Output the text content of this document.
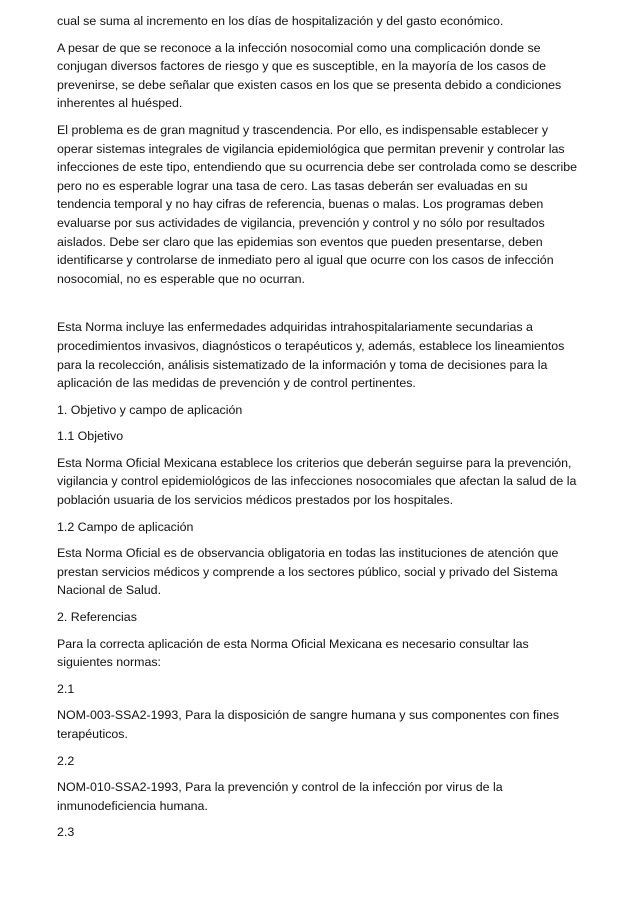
cual se suma al incremento en los días de hospitalización y del gasto económico.

A pesar de que se reconoce a la infección nosocomial como una complicación donde se conjugan diversos factores de riesgo y que es susceptible, en la mayoría de los casos de prevenirse, se debe señalar que existen casos en los que se presenta debido a condiciones inherentes al huésped.

El problema es de gran magnitud y trascendencia. Por ello, es indispensable establecer y operar sistemas integrales de vigilancia epidemiológica que permitan prevenir y controlar las infecciones de este tipo, entendiendo que su ocurrencia debe ser controlada como se describe pero no es esperable lograr una tasa de cero. Las tasas deberán ser evaluadas en su tendencia temporal y no hay cifras de referencia, buenas o malas. Los programas deben evaluarse por sus actividades de vigilancia, prevención y control y no sólo por resultados aislados. Debe ser claro que las epidemias son eventos que pueden presentarse, deben identificarse y controlarse de inmediato pero al igual que ocurre con los casos de infección nosocomial, no es esperable que no ocurran.

Esta Norma incluye las enfermedades adquiridas intrahospitalariamente secundarias a procedimientos invasivos, diagnósticos o terapéuticos y, además, establece los lineamientos para la recolección, análisis sistematizado de la información y toma de decisiones para la aplicación de las medidas de prevención y de control pertinentes.

1. Objetivo y campo de aplicación

1.1 Objetivo

Esta Norma Oficial Mexicana establece los criterios que deberán seguirse para la prevención, vigilancia y control epidemiológicos de las infecciones nosocomiales que afectan la salud de la población usuaria de los servicios médicos prestados por los hospitales.

1.2 Campo de aplicación

Esta Norma Oficial es de observancia obligatoria en todas las instituciones de atención que prestan servicios médicos y comprende a los sectores público, social y privado del Sistema Nacional de Salud.

2. Referencias

Para la correcta aplicación de esta Norma Oficial Mexicana es necesario consultar las siguientes normas:

2.1

NOM-003-SSA2-1993, Para la disposición de sangre humana y sus componentes con fines terapéuticos.

2.2

NOM-010-SSA2-1993, Para la prevención y control de la infección por virus de la inmunodeficiencia humana.

2.3
